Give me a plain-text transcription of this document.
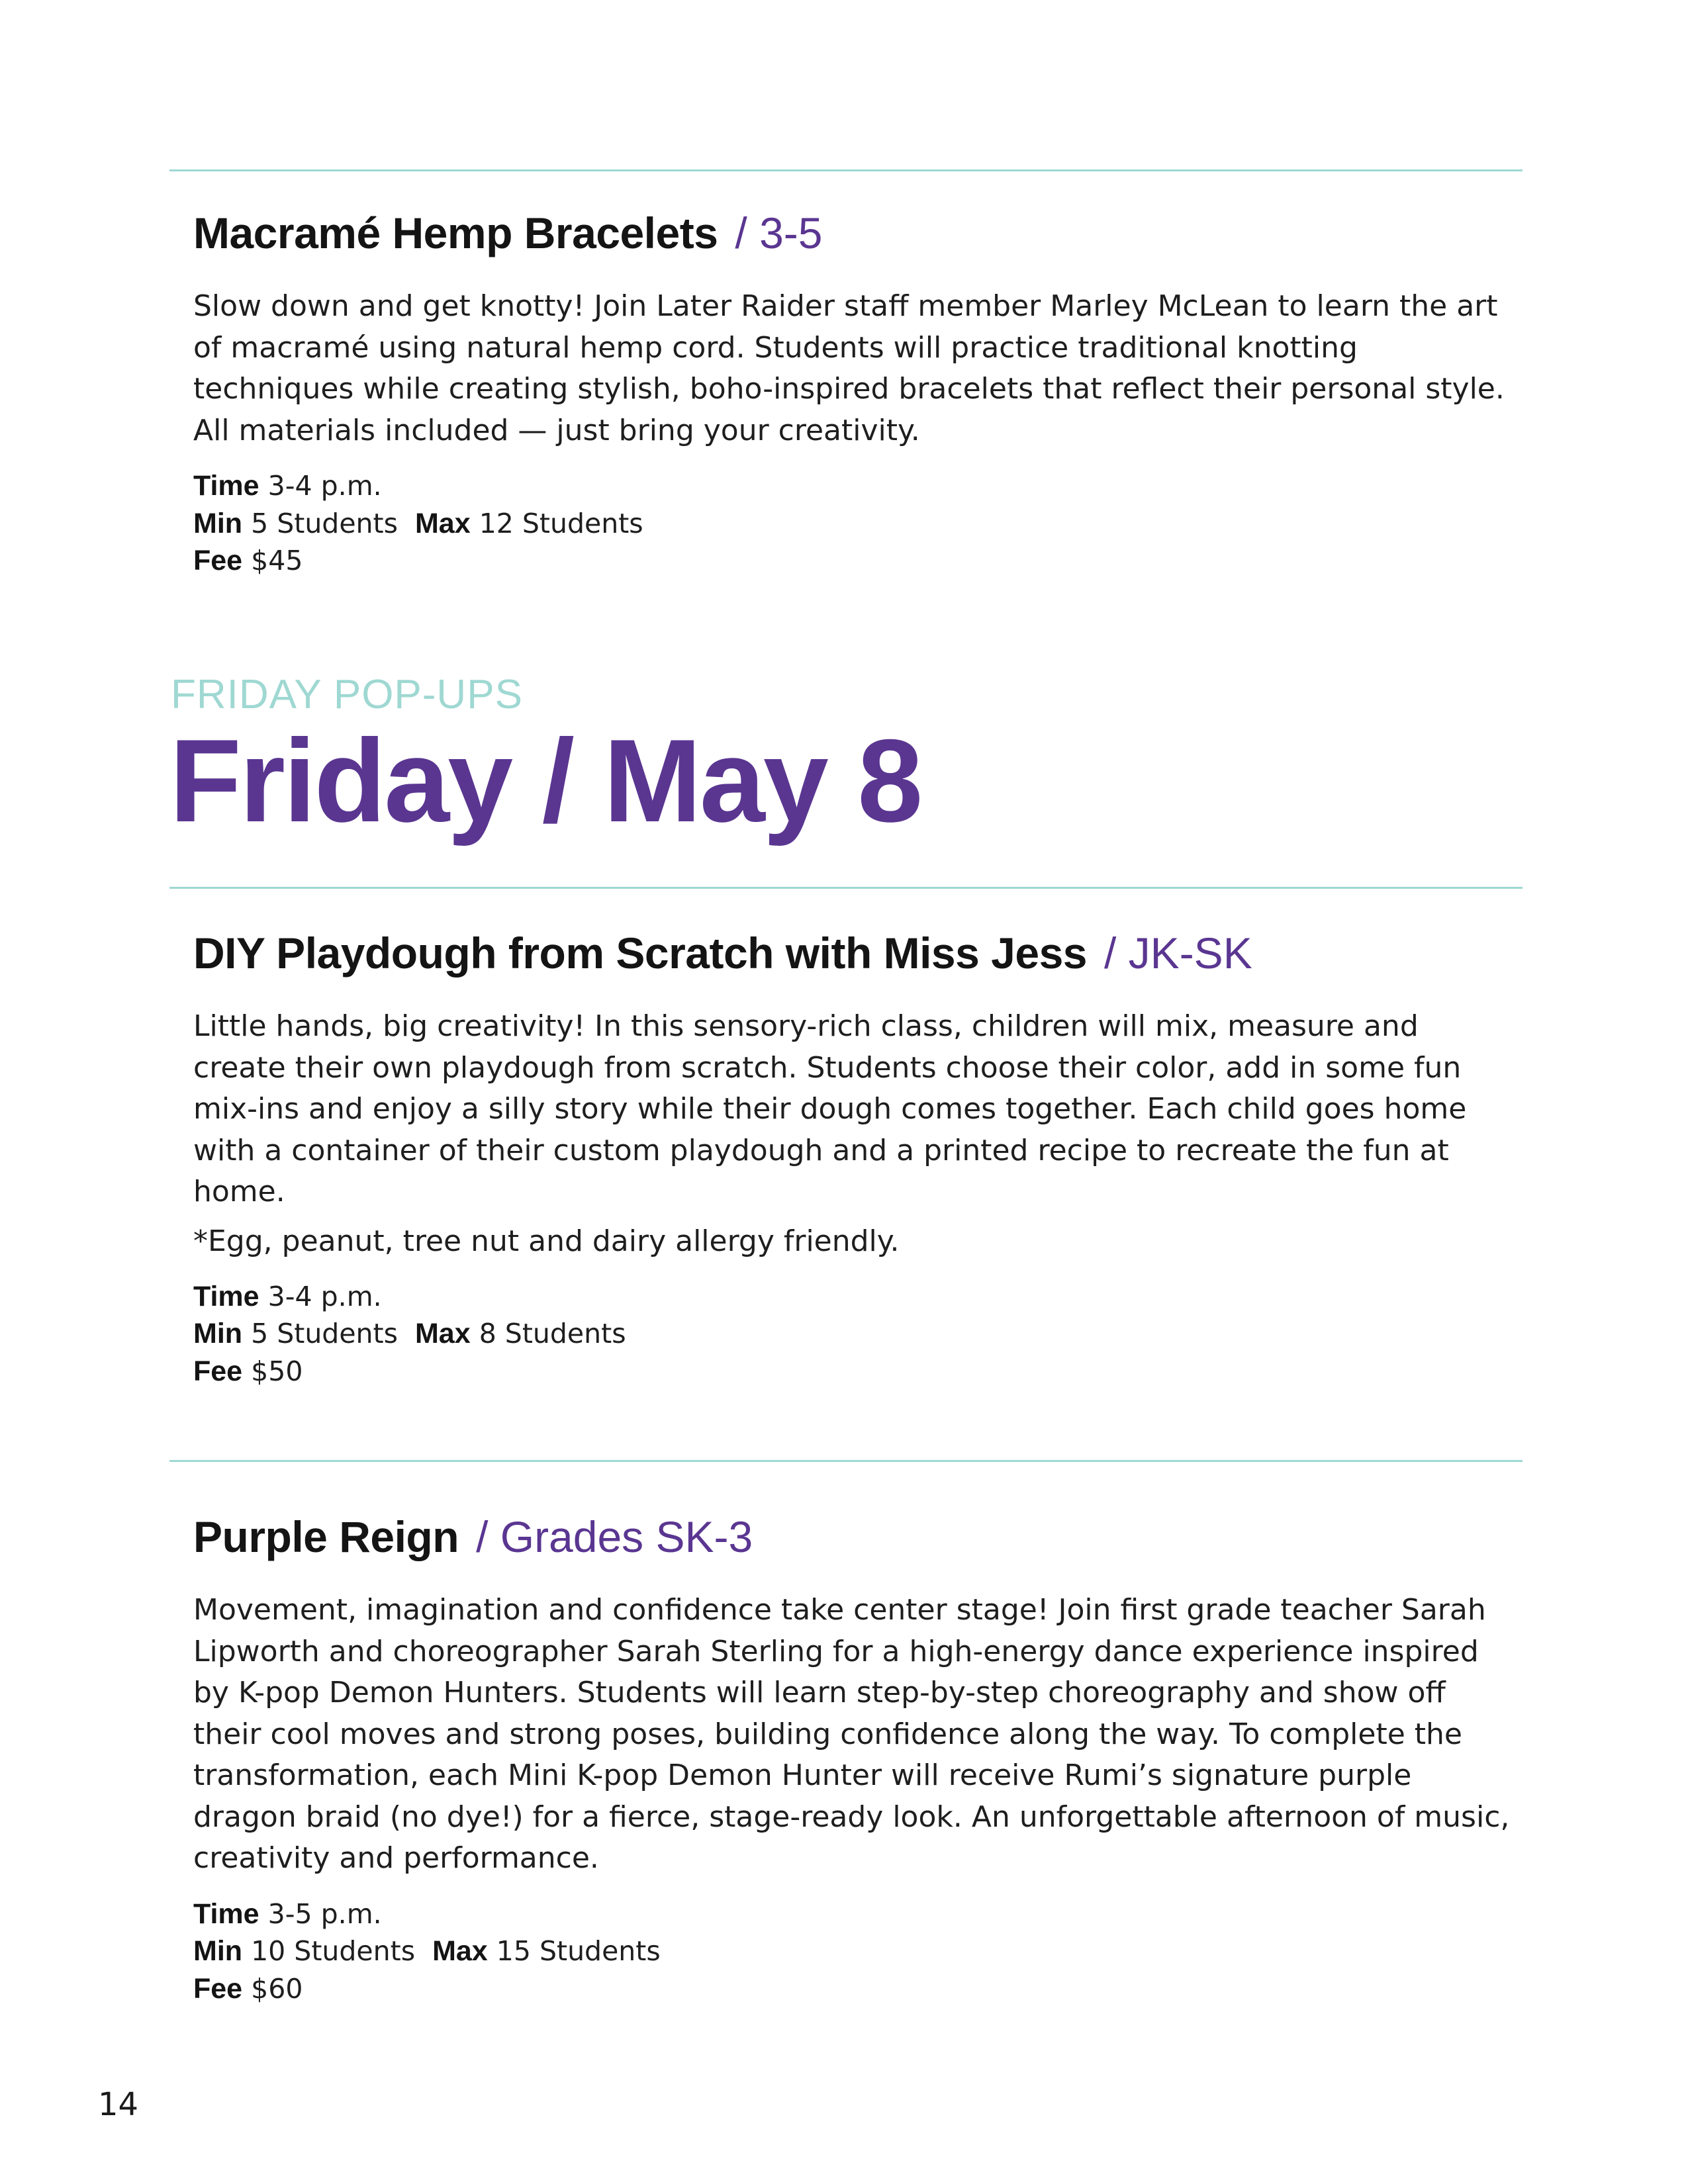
Macramé Hemp Bracelets / 3-5

Slow down and get knotty! Join Later Raider staff member Marley McLean to learn the art of macramé using natural hemp cord. Students will practice traditional knotting techniques while creating stylish, boho-inspired bracelets that reflect their personal style. All materials included — just bring your creativity.

Time 3-4 p.m.
Min 5 Students Max 12 Students
Fee $45
FRIDAY POP-UPS
Friday / May 8
DIY Playdough from Scratch with Miss Jess / JK-SK

Little hands, big creativity! In this sensory-rich class, children will mix, measure and create their own playdough from scratch. Students choose their color, add in some fun mix-ins and enjoy a silly story while their dough comes together. Each child goes home with a container of their custom playdough and a printed recipe to recreate the fun at home.

*Egg, peanut, tree nut and dairy allergy friendly.

Time 3-4 p.m.
Min 5 Students Max 8 Students
Fee $50
Purple Reign / Grades SK-3

Movement, imagination and confidence take center stage! Join first grade teacher Sarah Lipworth and choreographer Sarah Sterling for a high-energy dance experience inspired by K-pop Demon Hunters. Students will learn step-by-step choreography and show off their cool moves and strong poses, building confidence along the way. To complete the transformation, each Mini K-pop Demon Hunter will receive Rumi’s signature purple dragon braid (no dye!) for a fierce, stage-ready look. An unforgettable afternoon of music, creativity and performance.

Time 3-5 p.m.
Min 10 Students Max 15 Students
Fee $60
14
